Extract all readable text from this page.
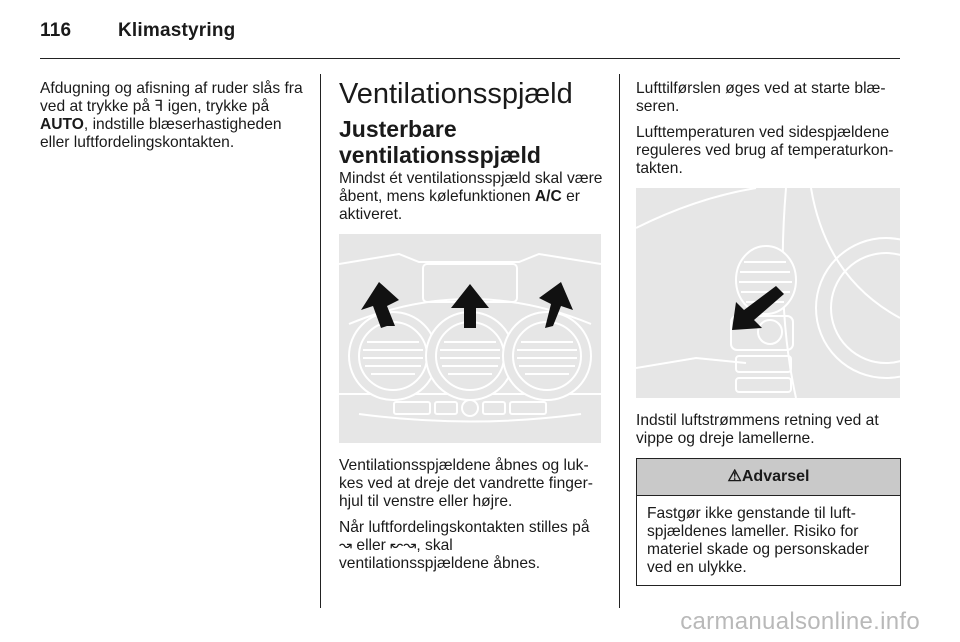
116 Klimastyring

Afdugning og afisning af ruder slås fra ved at trykke på ꟻ igen, trykke på AUTO, indstille blæserhastigheden eller luftfordelingskontakten.

Ventilationsspjæld
Justerbare ventilationsspjæld

Mindst ét ventilationsspjæld skal være åbent, mens kølefunktionen A/C er aktiveret.

Ventilationsspjældene åbnes og lukkes ved at dreje det vandrette fingerhjul til venstre eller højre.

Når luftfordelingskontakten stilles på ↝ eller ↜↝, skal ventilationsspjældene åbnes.

Lufttilførslen øges ved at starte blæseren.

Lufttemperaturen ved sidespjældene reguleres ved brug af temperaturkontakten.

Indstil luftstrømmens retning ved at vippe og dreje lamellerne.

⚠Advarsel
Fastgør ikke genstande til luftspjældenes lameller. Risiko for materiel skade og personskader ved en ulykke.
carmanualsonline.info
